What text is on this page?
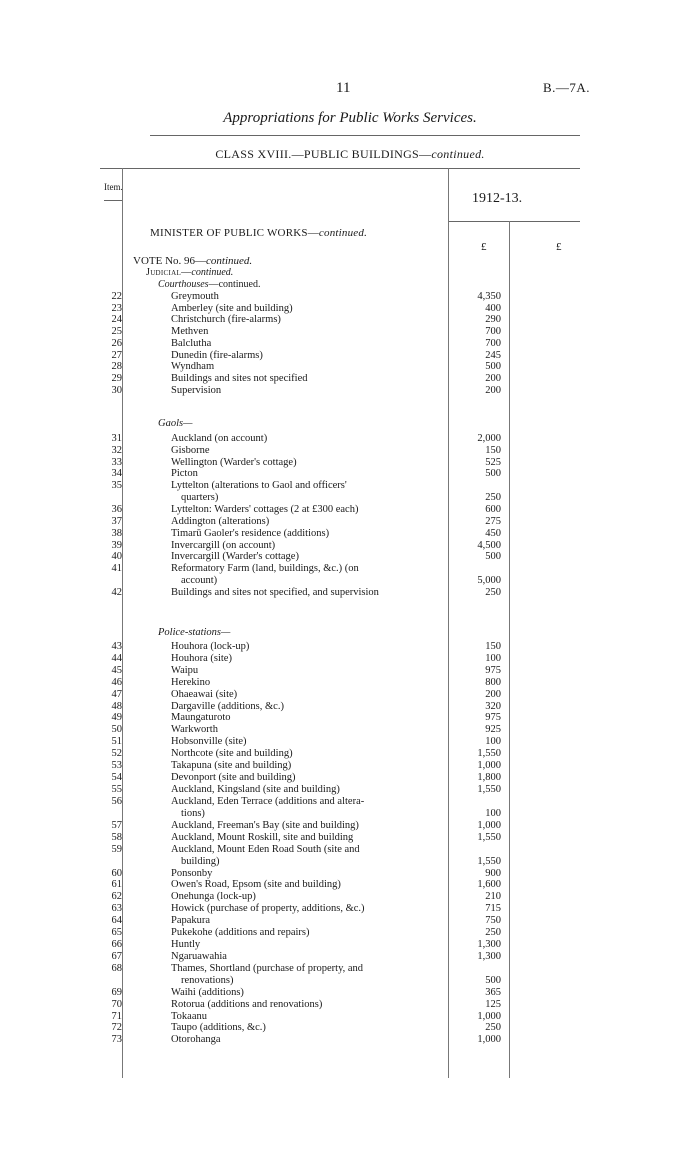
11	B.—7A.
Appropriations for Public Works Services.
CLASS XVIII.—PUBLIC BUILDINGS—continued.
Item.
1912-13.
MINISTER OF PUBLIC WORKS—continued.
£	£
VOTE No. 96—continued.
Judicial—continued.
Courthouses—continued.
Gaols—
Police-stations—
22	Greymouth	4,350
23	Amberley (site and building)	400
24	Christchurch (fire-alarms)	290
25	Methven	700
26	Balclutha	700
27	Dunedin (fire-alarms)	245
28	Wyndham	500
29	Buildings and sites not specified	200
30	Supervision	200
31	Auckland (on account)	2,000
32	Gisborne	150
33	Wellington (Warder's cottage)	525
34	Picton	500
35	Lyttelton (alterations to Gaol and officers'
quarters)	250
36	Lyttelton: Warders' cottages (2 at £300 each)	600
37	Addington (alterations)	275
38	Timarū Gaoler's residence (additions)	450
39	Invercargill (on account)	4,500
40	Invercargill (Warder's cottage)	500
41	Reformatory Farm (land, buildings, &c.) (on
account)	5,000
42	Buildings and sites not specified, and supervision	250
43	Houhora (lock-up)	150
44	Houhora (site)	100
45	Waipu	975
46	Herekino	800
47	Ohaeawai (site)	200
48	Dargaville (additions, &c.)	320
49	Maungaturoto	975
50	Warkworth	925
51	Hobsonville (site)	100
52	Northcote (site and building)	1,550
53	Takapuna (site and building)	1,000
54	Devonport (site and building)	1,800
55	Auckland, Kingsland (site and building)	1,550
56	Auckland, Eden Terrace (additions and altera-
tions)	100
57	Auckland, Freeman's Bay (site and building)	1,000
58	Auckland, Mount Roskill, site and building	1,550
59	Auckland, Mount Eden Road South (site and
building)	1,550
60	Ponsonby	900
61	Owen's Road, Epsom (site and building)	1,600
62	Onehunga (lock-up)	210
63	Howick (purchase of property, additions, &c.)	715
64	Papakura	750
65	Pukekohe (additions and repairs)	250
66	Huntly	1,300
67	Ngaruawahia	1,300
68	Thames, Shortland (purchase of property, and
renovations)	500
69	Waihi (additions)	365
70	Rotorua (additions and renovations)	125
71	Tokaanu	1,000
72	Taupo (additions, &c.)	250
73	Otorohanga	1,000
